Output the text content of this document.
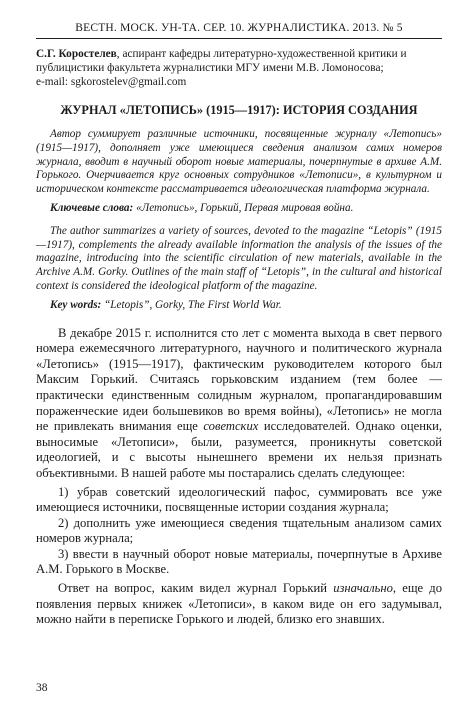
ВЕСТН. МОСК. УН-ТА. СЕР. 10. ЖУРНАЛИСТИКА. 2013. № 5
С.Г. Коростелев, аспирант кафедры литературно-художественной критики и публицистики факультета журналистики МГУ имени М.В. Ломоносова;
e-mail: sgkorostelev@gmail.com
ЖУРНАЛ «ЛЕТОПИСЬ» (1915—1917): ИСТОРИЯ СОЗДАНИЯ
Автор суммирует различные источники, посвященные журналу «Летопись» (1915—1917), дополняет уже имеющиеся сведения анализом самих номеров журнала, вводит в научный оборот новые материалы, почерпнутые в архиве А.М. Горького. Очерчивается круг основных сотрудников «Летописи», в культурном и историческом контексте рассматривается идеологическая платформа журнала.
Ключевые слова: «Летопись», Горький, Первая мировая война.
The author summarizes a variety of sources, devoted to the magazine “Letopis” (1915—1917), complements the already available information the analysis of the issues of the magazine, introducing into the scientific circulation of new materials, available in the Archive A.M. Gorky. Outlines of the main staff of “Letopis”, in the cultural and historical context is considered the ideological platform of the magazine.
Key words: “Letopis”, Gorky, The First World War.

В декабре 2015 г. исполнится сто лет с момента выхода в свет первого номера ежемесячного литературного, научного и политического журнала «Летопись» (1915—1917), фактическим руководителем которого был Максим Горький. Считаясь горьковским изданием (тем более — практически единственным солидным журналом, пропагандировавшим пораженческие идеи большевиков во время войны), «Летопись» не могла не привлекать внимания еще советских исследователей. Однако оценки, выносимые «Летописи», были, разумеется, проникнуты советской идеологией, и с высоты нынешнего времени их нельзя признать объективными. В нашей работе мы постарались сделать следующее:

1) убрав советский идеологический пафос, суммировать все уже имеющиеся источники, посвященные истории создания журнала;

2) дополнить уже имеющиеся сведения тщательным анализом самих номеров журнала;

3) ввести в научный оборот новые материалы, почерпнутые в Архиве А.М. Горького в Москве.

Ответ на вопрос, каким видел журнал Горький изначально, еще до появления первых книжек «Летописи», в каком виде он его задумывал, можно найти в переписке Горького и людей, близко его знавших.

38
